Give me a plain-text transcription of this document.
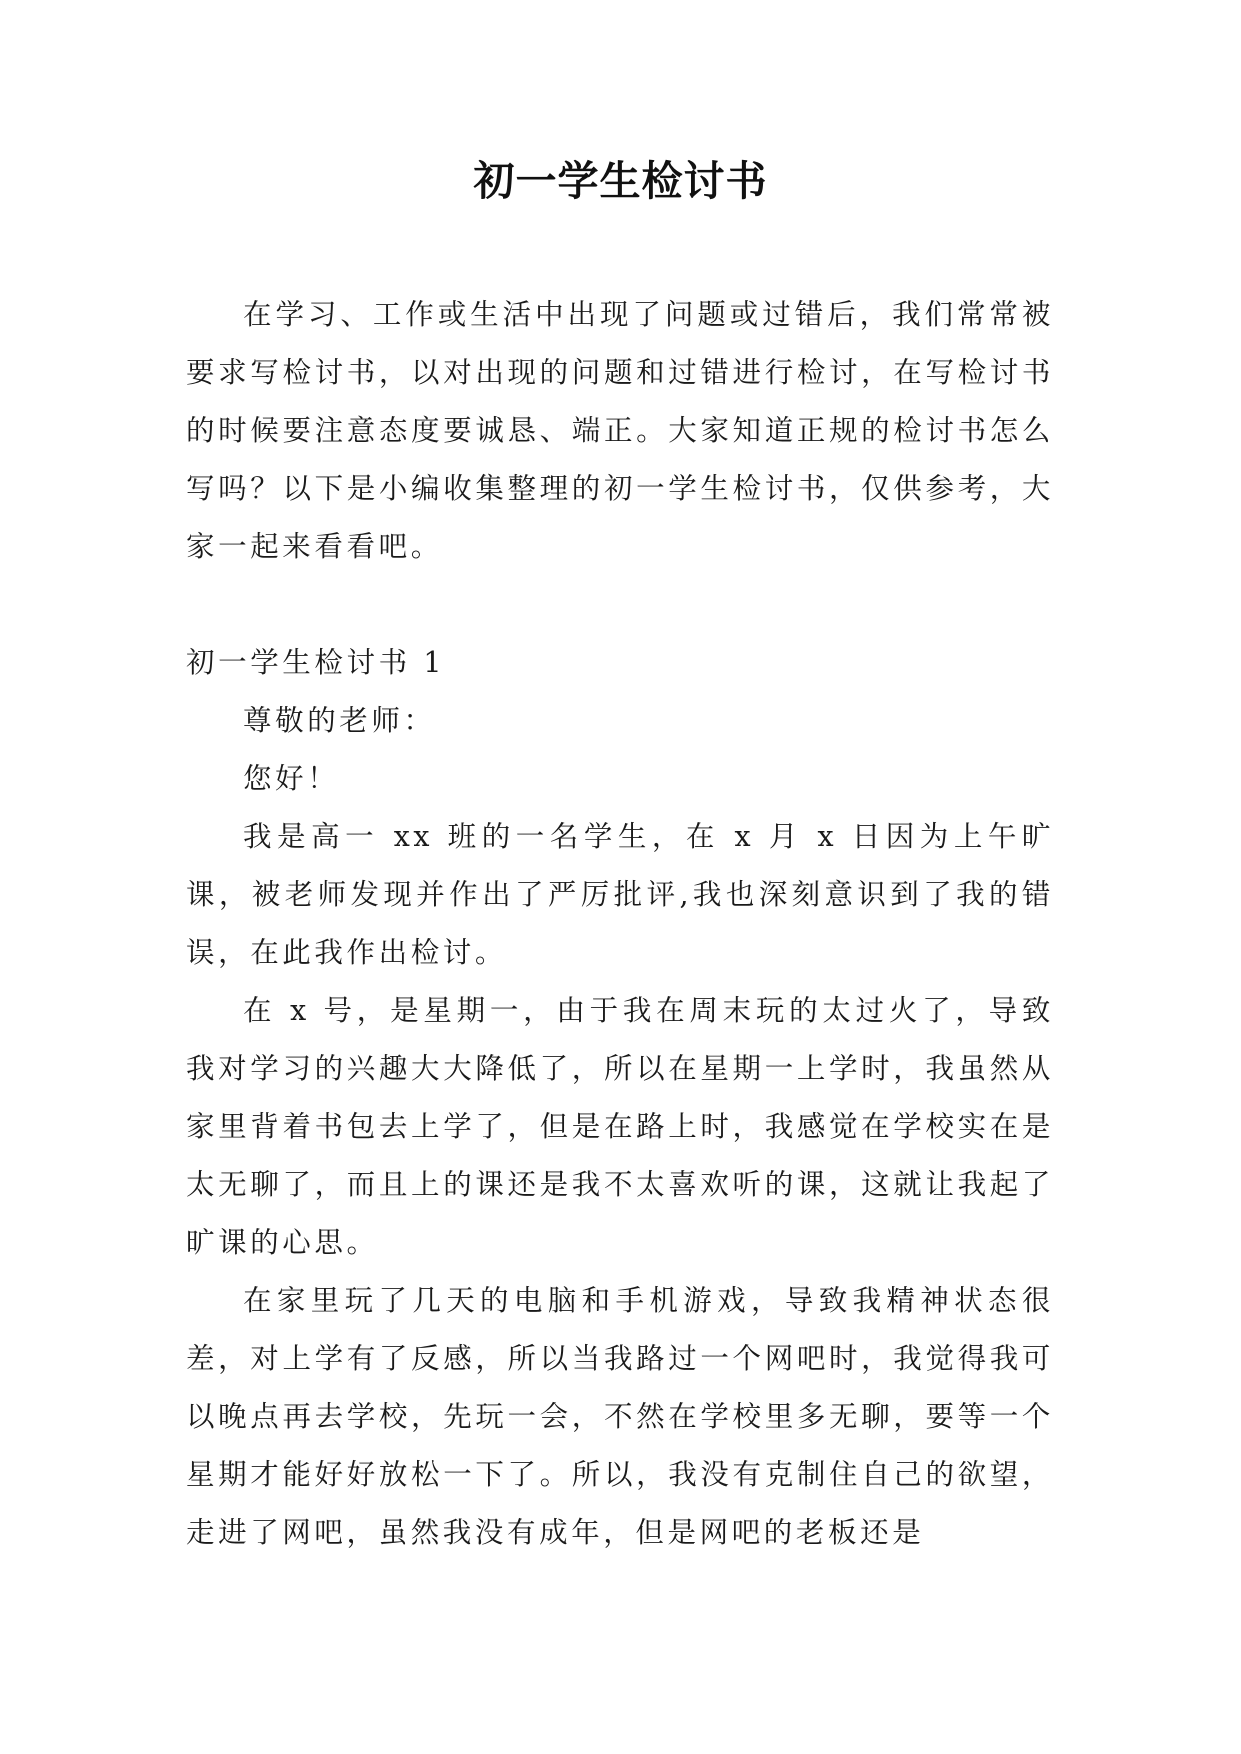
初一学生检讨书

在学习、工作或生活中出现了问题或过错后，我们常常被要求写检讨书，以对出现的问题和过错进行检讨，在写检讨书的时候要注意态度要诚恳、端正。大家知道正规的检讨书怎么写吗？以下是小编收集整理的初一学生检讨书，仅供参考，大家一起来看看吧。

初一学生检讨书 1

尊敬的老师：

您好！

我是高一 xx 班的一名学生，在 x 月 x 日因为上午旷课，被老师发现并作出了严厉批评,我也深刻意识到了我的错误，在此我作出检讨。

在 x 号，是星期一，由于我在周末玩的太过火了，导致我对学习的兴趣大大降低了，所以在星期一上学时，我虽然从家里背着书包去上学了，但是在路上时，我感觉在学校实在是太无聊了，而且上的课还是我不太喜欢听的课，这就让我起了旷课的心思。

在家里玩了几天的电脑和手机游戏，导致我精神状态很差，对上学有了反感，所以当我路过一个网吧时，我觉得我可以晚点再去学校，先玩一会，不然在学校里多无聊，要等一个星期才能好好放松一下了。所以，我没有克制住自己的欲望，走进了网吧，虽然我没有成年，但是网吧的老板还是
